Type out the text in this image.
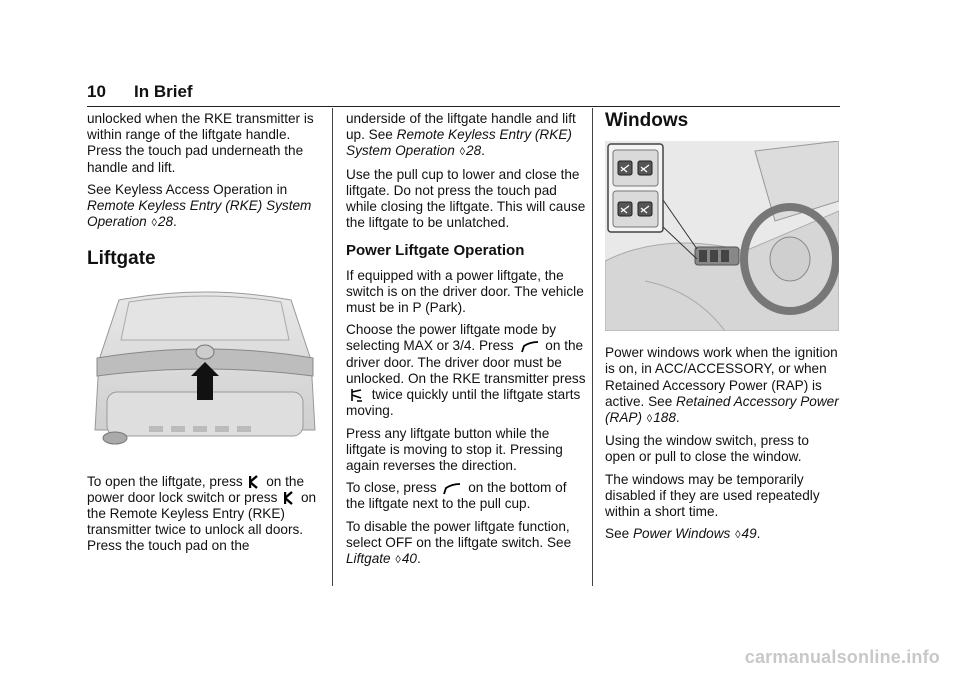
10 In Brief

unlocked when the RKE transmitter is within range of the liftgate handle. Press the touch pad underneath the handle and lift.

See Keyless Access Operation in Remote Keyless Entry (RKE) System Operation ◊28.

Liftgate

To open the liftgate, press on the power door lock switch or press on the Remote Keyless Entry (RKE) transmitter twice to unlock all doors. Press the touch pad on the

underside of the liftgate handle and lift up. See Remote Keyless Entry (RKE) System Operation ◊28.

Use the pull cup to lower and close the liftgate. Do not press the touch pad while closing the liftgate. This will cause the liftgate to be unlatched.

Power Liftgate Operation

If equipped with a power liftgate, the switch is on the driver door. The vehicle must be in P (Park).

Choose the power liftgate mode by selecting MAX or 3/4. Press on the driver door. The driver door must be unlocked. On the RKE transmitter press  twice quickly until the liftgate starts moving.

Press any liftgate button while the liftgate is moving to stop it. Pressing again reverses the direction.

To close, press on the bottom of the liftgate next to the pull cup.

To disable the power liftgate function, select OFF on the liftgate switch. See Liftgate ◊40.

Windows

Power windows work when the ignition is on, in ACC/ACCESSORY, or when Retained Accessory Power (RAP) is active. See Retained Accessory Power (RAP) ◊188.

Using the window switch, press to open or pull to close the window.

The windows may be temporarily disabled if they are used repeatedly within a short time.

See Power Windows ◊49.

carmanualsonline.info
